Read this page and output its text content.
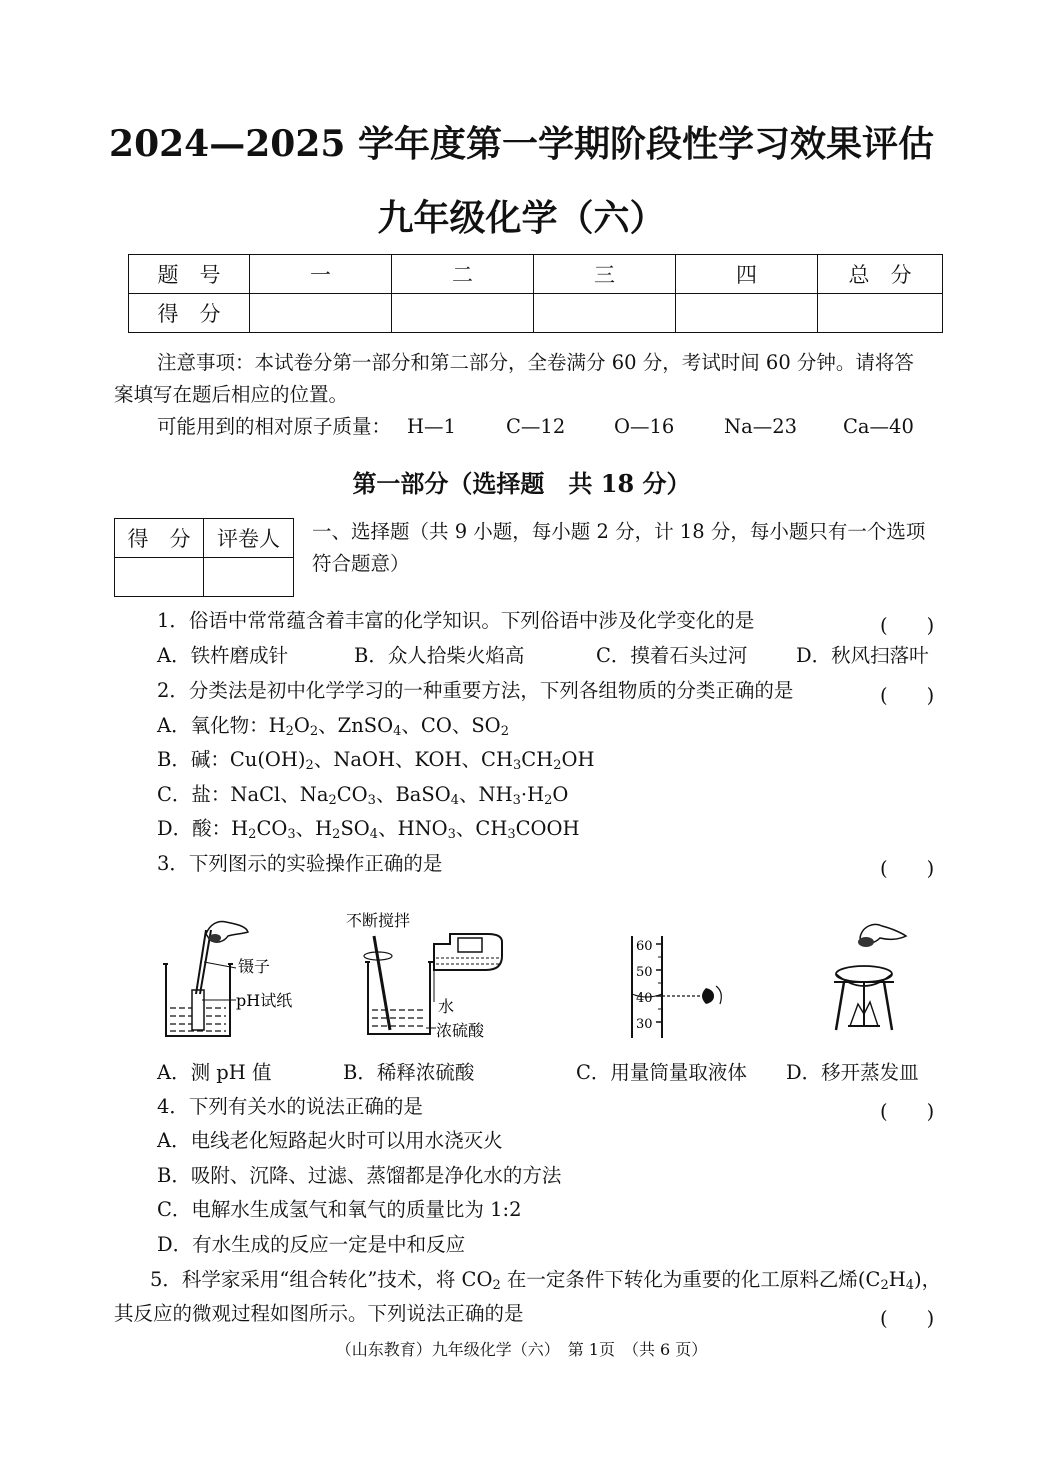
2024—2025 学年度第一学期阶段性学习效果评估
九年级化学（六）
题　号	一	二	三	四	总　分
得　分					
注意事项：本试卷分第一部分和第二部分，全卷满分 60 分，考试时间 60 分钟。请将答
案填写在题后相应的位置。
可能用到的相对原子质量： H—1	C—12	O—16	Na—23 Ca—40
第一部分（选择题　共 18 分）
得　分	评卷人
	一、选择题（共 9 小题，每小题 2 分，计 18 分，每小题只有一个选项
符合题意）
1．俗语中常常蕴含着丰富的化学知识。下列俗语中涉及化学变化的是	(　　)
A．铁杵磨成针	B．众人拾柴火焰高	C．摸着石头过河 D．秋风扫落叶
2．分类法是初中化学学习的一种重要方法，下列各组物质的分类正确的是	(　　)
A．氧化物：$H_2O_2$、ZnSO$_4$、CO、$SO_2$
B．碱：$Cu(OH)_2$、NaOH、KOH、$CH_3CH_2OH$
C．盐：NaCl、$Na_2CO_3$、BaSO$_4$、$NH_3\cdot H_2O$
D．酸：$H_2CO_3$、$H_2SO_4$、$HNO_3$、$CH_3COOH$
3．下列图示的实验操作正确的是	(　　)
镊子
pH试纸
不断搅拌
水
浓硫酸
60
50
40
30
A．测 pH 值	B．稀释浓硫酸	C．用量筒量取液体 D．移开蒸发皿
4．下列有关水的说法正确的是	(　　)
A．电线老化短路起火时可以用水浇灭火
B．吸附、沉降、过滤、蒸馏都是净化水的方法
C．电解水生成氢气和氧气的质量比为 1:2
D．有水生成的反应一定是中和反应
5．科学家采用“组合转化”技术，将 $CO_2$ 在一定条件下转化为重要的化工原料乙烯$(C_2H_4)$，
其反应的微观过程如图所示。下列说法正确的是	(　　)
（山东教育）九年级化学（六）　第 1页　（共 6 页）
